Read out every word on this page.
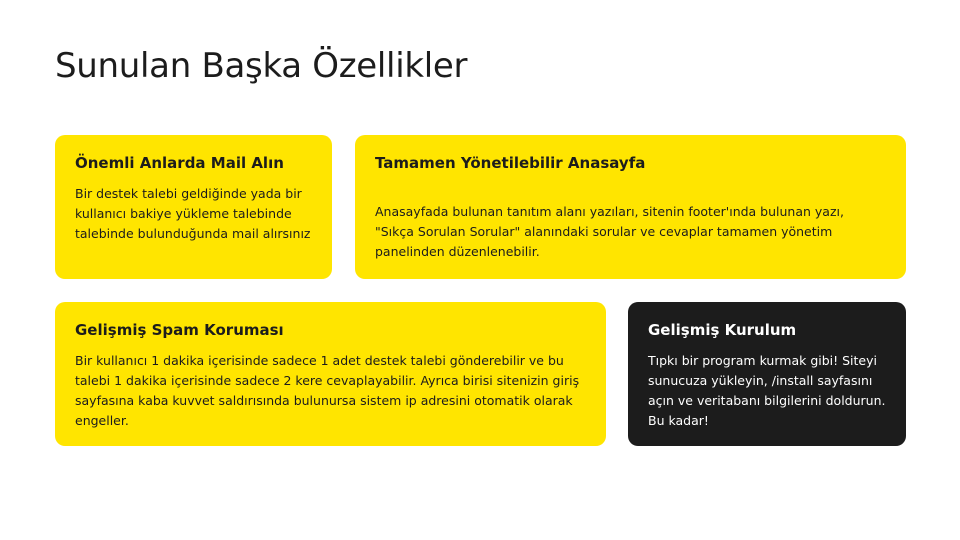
Sunulan Başka Özellikler
Önemli Anlarda Mail Alın

Bir destek talebi geldiğinde yada bir kullanıcı bakiye yükleme talebinde talebinde bulunduğunda mail alırsınız

Tamamen Yönetilebilir Anasayfa

Anasayfada bulunan tanıtım alanı yazıları, sitenin footer'ında bulunan yazı, "Sıkça Sorulan Sorular" alanındaki sorular ve cevaplar tamamen yönetim panelinden düzenlenebilir.

Gelişmiş Spam Koruması

Bir kullanıcı 1 dakika içerisinde sadece 1 adet destek talebi gönderebilir ve bu talebi 1 dakika içerisinde sadece 2 kere cevaplayabilir. Ayrıca birisi sitenizin giriş sayfasına kaba kuvvet saldırısında bulunursa sistem ip adresini otomatik olarak engeller.

Gelişmiş Kurulum

Tıpkı bir program kurmak gibi! Siteyi sunucuza yükleyin, /install sayfasını açın ve veritabanı bilgilerini doldurun. Bu kadar!
